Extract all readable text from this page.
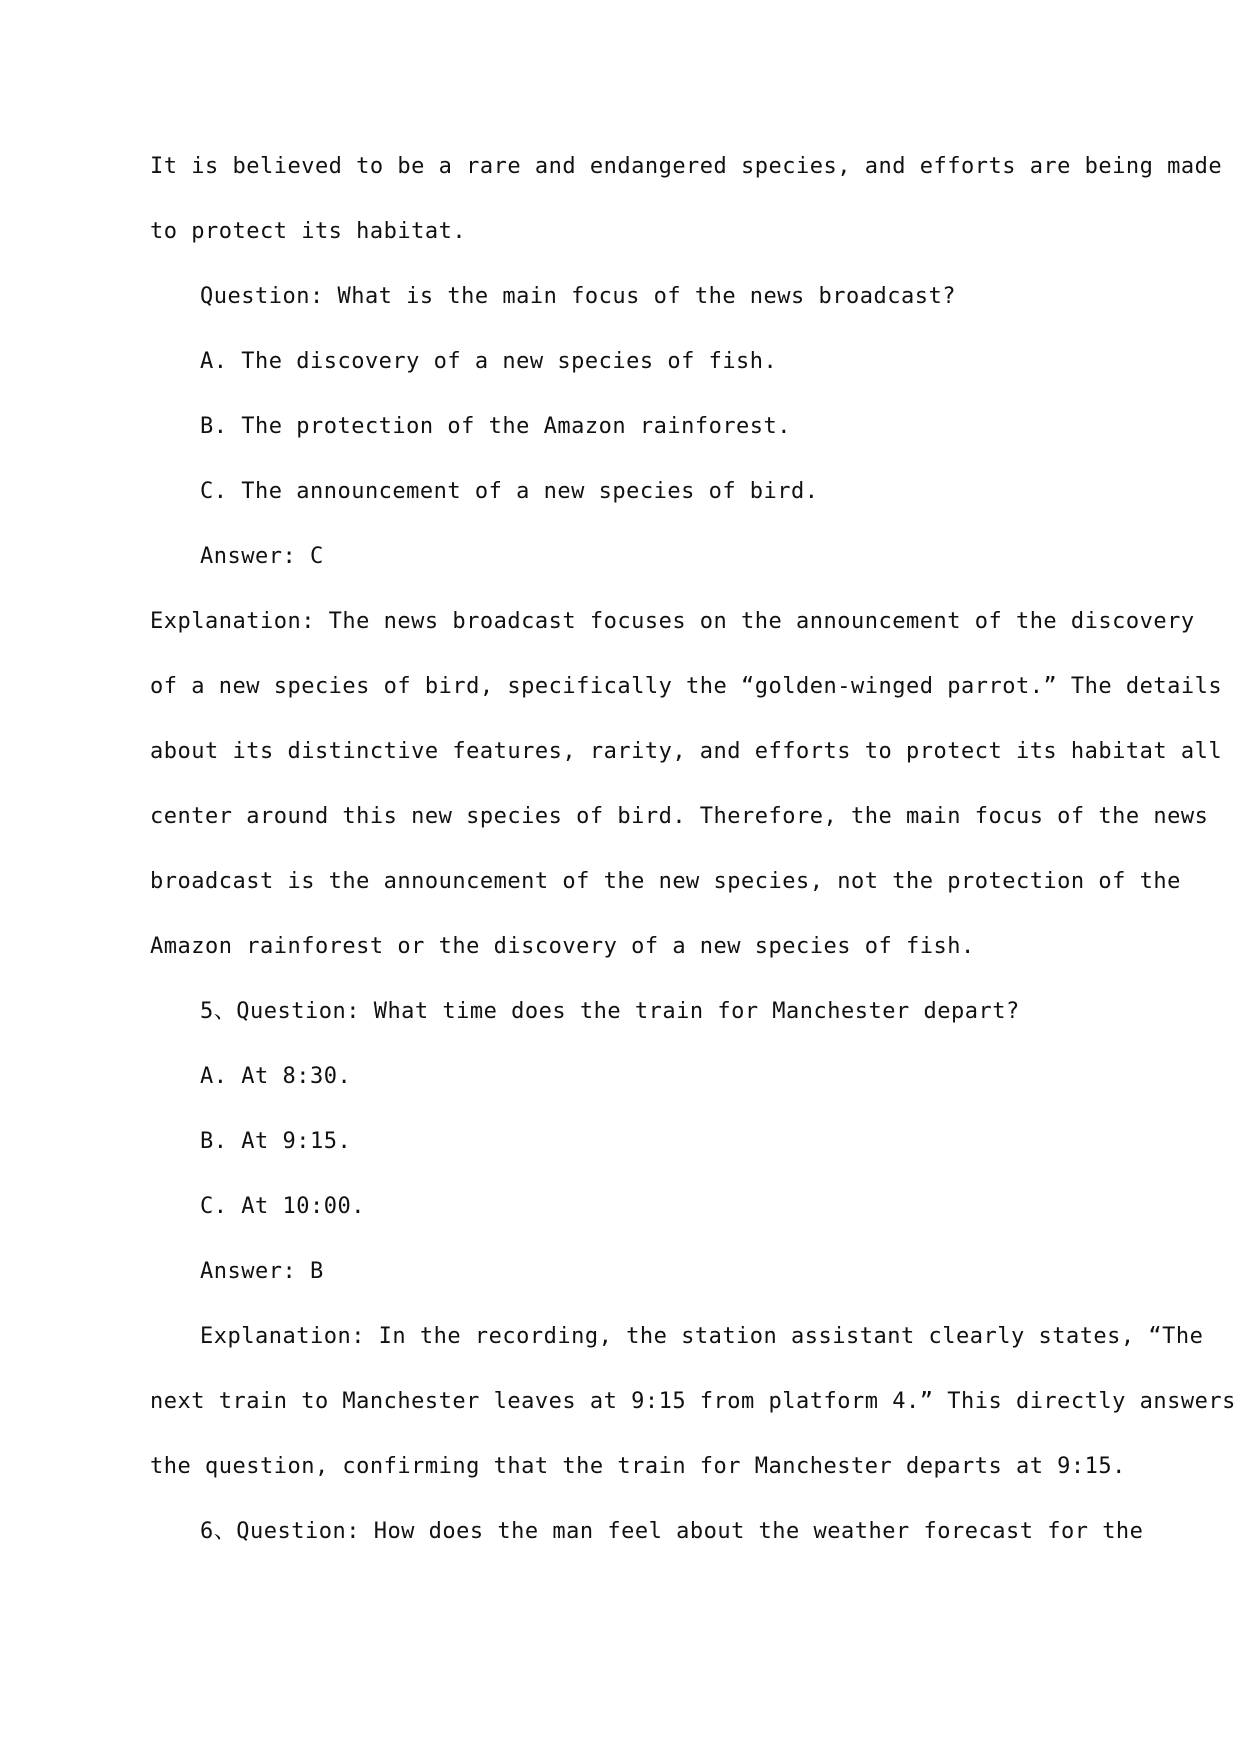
It is believed to be a rare and endangered species, and efforts are being made
to protect its habitat.
Question: What is the main focus of the news broadcast?
A. The discovery of a new species of fish.
B. The protection of the Amazon rainforest.
C. The announcement of a new species of bird.
Answer: C
Explanation: The news broadcast focuses on the announcement of the discovery
of a new species of bird, specifically the “golden-winged parrot.” The details
about its distinctive features, rarity, and efforts to protect its habitat all
center around this new species of bird. Therefore, the main focus of the news
broadcast is the announcement of the new species, not the protection of the
Amazon rainforest or the discovery of a new species of fish.
5、Question: What time does the train for Manchester depart?
A. At 8:30.
B. At 9:15.
C. At 10:00.
Answer: B
Explanation: In the recording, the station assistant clearly states, “The
next train to Manchester leaves at 9:15 from platform 4.” This directly answers
the question, confirming that the train for Manchester departs at 9:15.
6、Question: How does the man feel about the weather forecast for the
